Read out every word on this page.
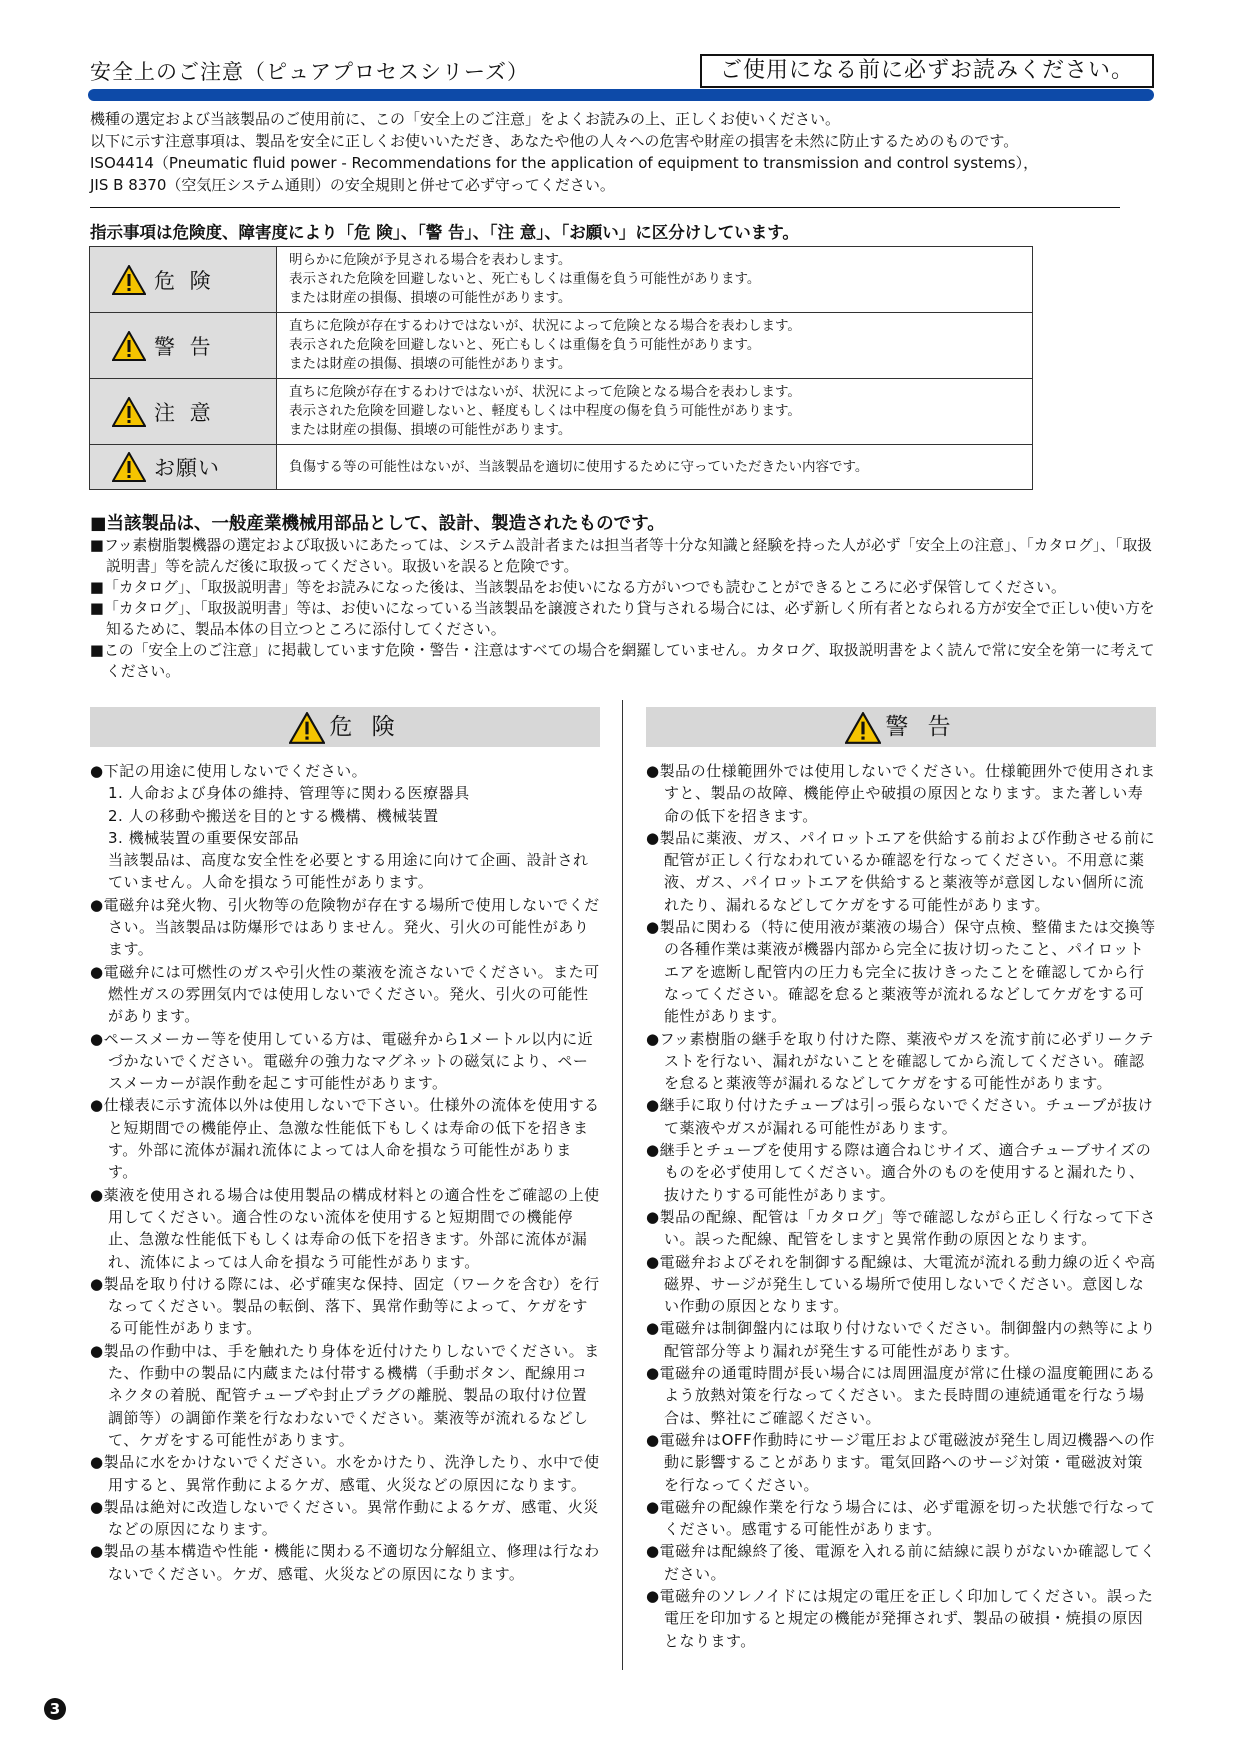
安全上のご注意（ピュアプロセスシリーズ）	ご使用になる前に必ずお読みください。

機種の選定および当該製品のご使用前に、この「安全上のご注意」をよくお読みの上、正しくお使いください。

以下に示す注意事項は、製品を安全に正しくお使いいただき、あなたや他の人々への危害や財産の損害を未然に防止するためのものです。

ISO4414（Pneumatic fluid power - Recommendations for the application of equipment to transmission and control systems），

JIS B 8370（空気圧システム通則）の安全規則と併せて必ず守ってください。

指示事項は危険度、障害度により「危 険」、「警 告」、「注 意」、「お願い」に区分けしています。
危 険	明らかに危険が予見される場合を表わします。
表示された危険を回避しないと、死亡もしくは重傷を負う可能性があります。
または財産の損傷、損壊の可能性があります。

警 告	直ちに危険が存在するわけではないが、状況によって危険となる場合を表わします。
表示された危険を回避しないと、死亡もしくは重傷を負う可能性があります。
または財産の損傷、損壊の可能性があります。

注 意	直ちに危険が存在するわけではないが、状況によって危険となる場合を表わします。
表示された危険を回避しないと、軽度もしくは中程度の傷を負う可能性があります。
または財産の損傷、損壊の可能性があります。

お願い	負傷する等の可能性はないが、当該製品を適切に使用するために守っていただきたい内容です。

■当該製品は、一般産業機械用部品として、設計、製造されたものです。

■フッ素樹脂製機器の選定および取扱いにあたっては、システム設計者または担当者等十分な知識と経験を持った人が必ず「安全上の注意」、「カタログ」、「取扱説明書」等を読んだ後に取扱ってください。取扱いを誤ると危険です。

■「カタログ」、「取扱説明書」等をお読みになった後は、当該製品をお使いになる方がいつでも読むことができるところに必ず保管してください。

■「カタログ」、「取扱説明書」等は、お使いになっている当該製品を譲渡されたり貸与される場合には、必ず新しく所有者となられる方が安全で正しい使い方を知るために、製品本体の目立つところに添付してください。

■この「安全上のご注意」に掲載しています危険・警告・注意はすべての場合を網羅していません。カタログ、取扱説明書をよく読んで常に安全を第一に考えてください。

危 険

●下記の用途に使用しないでください。

1. 人命および身体の維持、管理等に関わる医療器具

2. 人の移動や搬送を目的とする機構、機械装置

3. 機械装置の重要保安部品

当該製品は、高度な安全性を必要とする用途に向けて企画、設計されていません。人命を損なう可能性があります。

●電磁弁は発火物、引火物等の危険物が存在する場所で使用しないでください。当該製品は防爆形ではありません。発火、引火の可能性があります。

●電磁弁には可燃性のガスや引火性の薬液を流さないでください。また可燃性ガスの雰囲気内では使用しないでください。発火、引火の可能性があります。

●ペースメーカー等を使用している方は、電磁弁から1メートル以内に近づかないでください。電磁弁の強力なマグネットの磁気により、ペースメーカーが誤作動を起こす可能性があります。

●仕様表に示す流体以外は使用しないで下さい。仕様外の流体を使用すると短期間での機能停止、急激な性能低下もしくは寿命の低下を招きます。外部に流体が漏れ流体によっては人命を損なう可能性があります。

●薬液を使用される場合は使用製品の構成材料との適合性をご確認の上使用してください。適合性のない流体を使用すると短期間での機能停止、急激な性能低下もしくは寿命の低下を招きます。外部に流体が漏れ、流体によっては人命を損なう可能性があります。

●製品を取り付ける際には、必ず確実な保持、固定（ワークを含む）を行なってください。製品の転倒、落下、異常作動等によって、ケガをする可能性があります。

●製品の作動中は、手を触れたり身体を近付けたりしないでください。また、作動中の製品に内蔵または付帯する機構（手動ボタン、配線用コネクタの着脱、配管チューブや封止プラグの離脱、製品の取付け位置調節等）の調節作業を行なわないでください。薬液等が流れるなどして、ケガをする可能性があります。

●製品に水をかけないでください。水をかけたり、洗浄したり、水中で使用すると、異常作動によるケガ、感電、火災などの原因になります。

●製品は絶対に改造しないでください。異常作動によるケガ、感電、火災などの原因になります。

●製品の基本構造や性能・機能に関わる不適切な分解組立、修理は行なわないでください。ケガ、感電、火災などの原因になります。

警 告

●製品の仕様範囲外では使用しないでください。仕様範囲外で使用されますと、製品の故障、機能停止や破損の原因となります。また著しい寿命の低下を招きます。

●製品に薬液、ガス、パイロットエアを供給する前および作動させる前に配管が正しく行なわれているか確認を行なってください。不用意に薬液、ガス、パイロットエアを供給すると薬液等が意図しない個所に流れたり、漏れるなどしてケガをする可能性があります。

●製品に関わる（特に使用液が薬液の場合）保守点検、整備または交換等の各種作業は薬液が機器内部から完全に抜け切ったこと、パイロットエアを遮断し配管内の圧力も完全に抜けきったことを確認してから行なってください。確認を怠ると薬液等が流れるなどしてケガをする可能性があります。

●フッ素樹脂の継手を取り付けた際、薬液やガスを流す前に必ずリークテストを行ない、漏れがないことを確認してから流してください。確認を怠ると薬液等が漏れるなどしてケガをする可能性があります。

●継手に取り付けたチューブは引っ張らないでください。チューブが抜けて薬液やガスが漏れる可能性があります。

●継手とチューブを使用する際は適合ねじサイズ、適合チューブサイズのものを必ず使用してください。適合外のものを使用すると漏れたり、抜けたりする可能性があります。

●製品の配線、配管は「カタログ」等で確認しながら正しく行なって下さい。誤った配線、配管をしますと異常作動の原因となります。

●電磁弁およびそれを制御する配線は、大電流が流れる動力線の近くや高磁界、サージが発生している場所で使用しないでください。意図しない作動の原因となります。

●電磁弁は制御盤内には取り付けないでください。制御盤内の熱等により配管部分等より漏れが発生する可能性があります。

●電磁弁の通電時間が長い場合には周囲温度が常に仕様の温度範囲にあるよう放熱対策を行なってください。また長時間の連続通電を行なう場合は、弊社にご確認ください。

●電磁弁はOFF作動時にサージ電圧および電磁波が発生し周辺機器への作動に影響することがあります。電気回路へのサージ対策・電磁波対策を行なってください。

●電磁弁の配線作業を行なう場合には、必ず電源を切った状態で行なってください。感電する可能性があります。

●電磁弁は配線終了後、電源を入れる前に結線に誤りがないか確認してください。

●電磁弁のソレノイドには規定の電圧を正しく印加してください。誤った電圧を印加すると規定の機能が発揮されず、製品の破損・焼損の原因となります。

3
